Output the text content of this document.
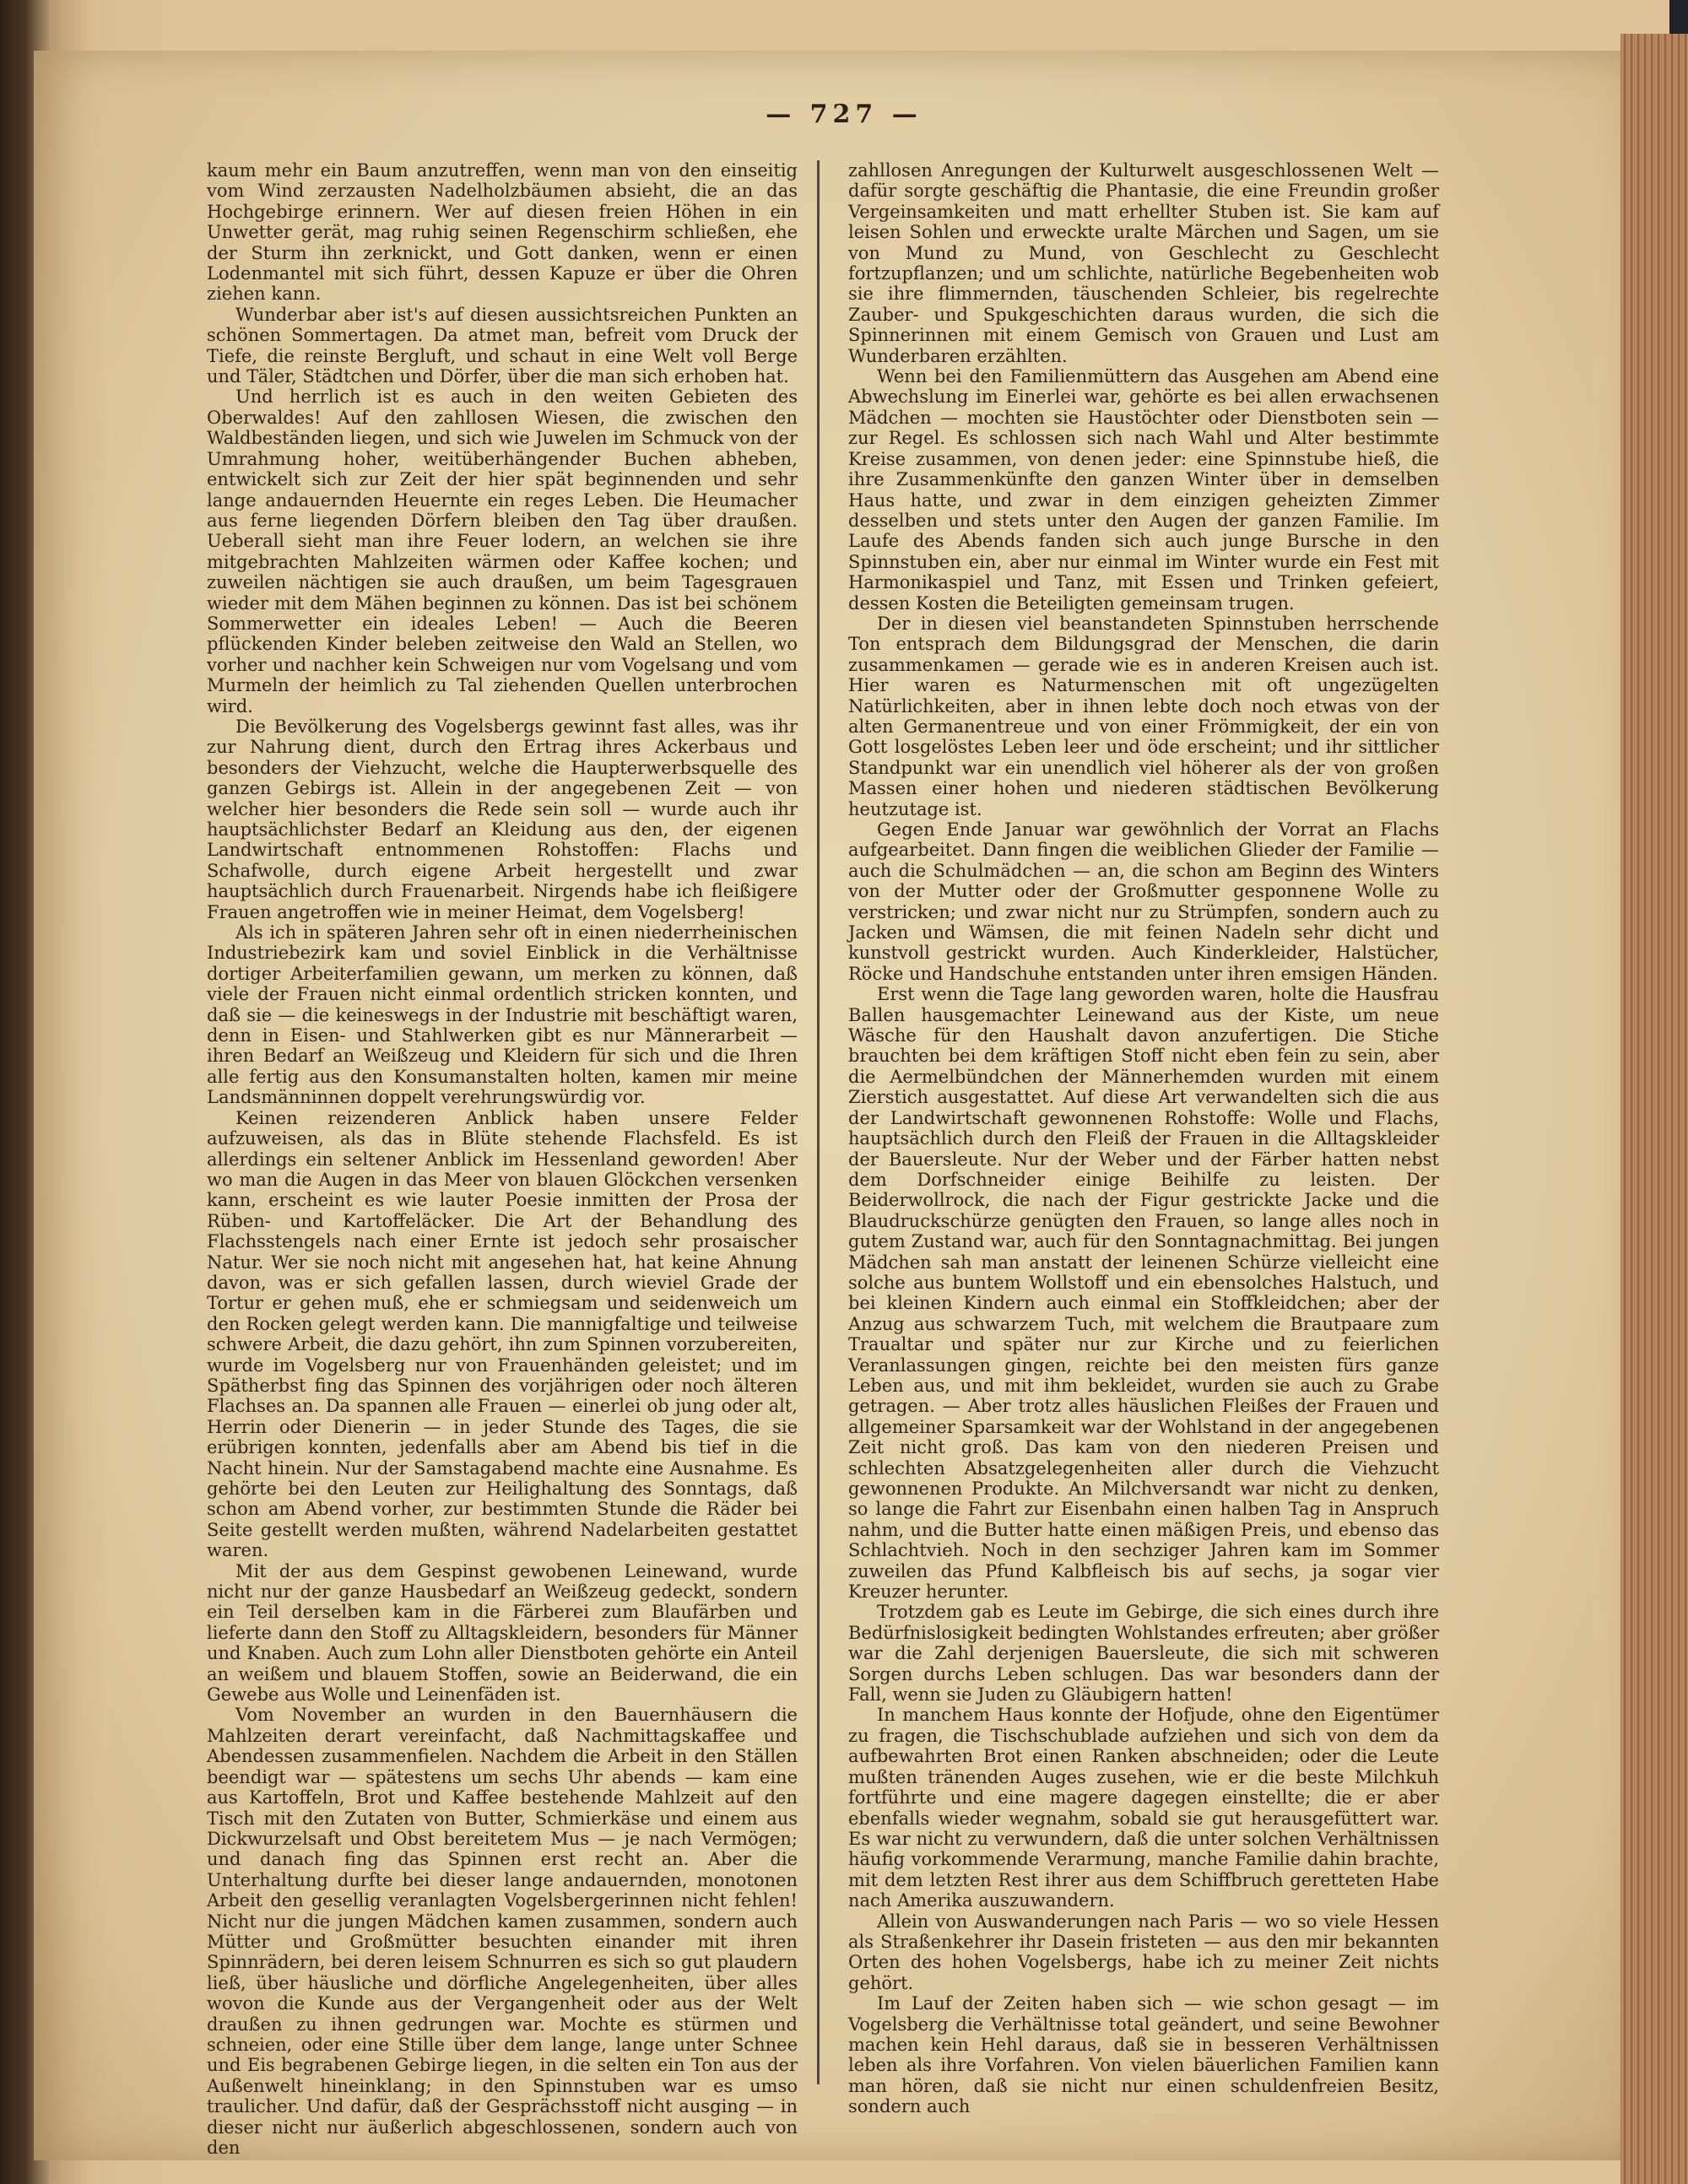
— 727 —

kaum mehr ein Baum anzutreffen, wenn man von den einseitig vom Wind zerzausten Nadelholzbäumen absieht, die an das Hochgebirge erinnern. Wer auf diesen freien Höhen in ein Unwetter gerät, mag ruhig seinen Regenschirm schließen, ehe der Sturm ihn zerknickt, und Gott danken, wenn er einen Lodenmantel mit sich führt, dessen Kapuze er über die Ohren ziehen kann.

Wunderbar aber ist's auf diesen aussichtsreichen Punkten an schönen Sommertagen. Da atmet man, befreit vom Druck der Tiefe, die reinste Bergluft, und schaut in eine Welt voll Berge und Täler, Städtchen und Dörfer, über die man sich erhoben hat.

Und herrlich ist es auch in den weiten Gebieten des Oberwaldes! Auf den zahllosen Wiesen, die zwischen den Waldbeständen liegen, und sich wie Juwelen im Schmuck von der Umrahmung hoher, weitüberhängender Buchen abheben, entwickelt sich zur Zeit der hier spät beginnenden und sehr lange andauernden Heuernte ein reges Leben. Die Heumacher aus ferne liegenden Dörfern bleiben den Tag über draußen. Ueberall sieht man ihre Feuer lodern, an welchen sie ihre mitgebrachten Mahlzeiten wärmen oder Kaffee kochen; und zuweilen nächtigen sie auch draußen, um beim Tagesgrauen wieder mit dem Mähen beginnen zu können. Das ist bei schönem Sommerwetter ein ideales Leben! — Auch die Beeren pflückenden Kinder beleben zeitweise den Wald an Stellen, wo vorher und nachher kein Schweigen nur vom Vogelsang und vom Murmeln der heimlich zu Tal ziehenden Quellen unterbrochen wird.

Die Bevölkerung des Vogelsbergs gewinnt fast alles, was ihr zur Nahrung dient, durch den Ertrag ihres Ackerbaus und besonders der Viehzucht, welche die Haupterwerbsquelle des ganzen Gebirgs ist. Allein in der angegebenen Zeit — von welcher hier besonders die Rede sein soll — wurde auch ihr hauptsächlichster Bedarf an Kleidung aus den, der eigenen Landwirtschaft entnommenen Rohstoffen: Flachs und Schafwolle, durch eigene Arbeit hergestellt und zwar hauptsächlich durch Frauenarbeit. Nirgends habe ich fleißigere Frauen angetroffen wie in meiner Heimat, dem Vogelsberg!

Als ich in späteren Jahren sehr oft in einen niederrheinischen Industriebezirk kam und soviel Einblick in die Verhältnisse dortiger Arbeiterfamilien gewann, um merken zu können, daß viele der Frauen nicht einmal ordentlich stricken konnten, und daß sie — die keineswegs in der Industrie mit beschäftigt waren, denn in Eisen- und Stahlwerken gibt es nur Männerarbeit — ihren Bedarf an Weißzeug und Kleidern für sich und die Ihren alle fertig aus den Konsumanstalten holten, kamen mir meine Landsmänninnen doppelt verehrungswürdig vor.

Keinen reizenderen Anblick haben unsere Felder aufzuweisen, als das in Blüte stehende Flachsfeld. Es ist allerdings ein seltener Anblick im Hessenland geworden! Aber wo man die Augen in das Meer von blauen Glöckchen versenken kann, erscheint es wie lauter Poesie inmitten der Prosa der Rüben- und Kartoffeläcker. Die Art der Behandlung des Flachsstengels nach einer Ernte ist jedoch sehr prosaischer Natur. Wer sie noch nicht mit angesehen hat, hat keine Ahnung davon, was er sich gefallen lassen, durch wieviel Grade der Tortur er gehen muß, ehe er schmiegsam und seidenweich um den Rocken gelegt werden kann. Die mannigfaltige und teilweise schwere Arbeit, die dazu gehört, ihn zum Spinnen vorzubereiten, wurde im Vogelsberg nur von Frauenhänden geleistet; und im Spätherbst fing das Spinnen des vorjährigen oder noch älteren Flachses an. Da spannen alle Frauen — einerlei ob jung oder alt, Herrin oder Dienerin — in jeder Stunde des Tages, die sie erübrigen konnten, jedenfalls aber am Abend bis tief in die Nacht hinein. Nur der Samstagabend machte eine Ausnahme. Es gehörte bei den Leuten zur Heilighaltung des Sonntags, daß schon am Abend vorher, zur bestimmten Stunde die Räder bei Seite gestellt werden mußten, während Nadelarbeiten gestattet waren.

Mit der aus dem Gespinst gewobenen Leinewand, wurde nicht nur der ganze Hausbedarf an Weißzeug gedeckt, sondern ein Teil derselben kam in die Färberei zum Blaufärben und lieferte dann den Stoff zu Alltagskleidern, besonders für Männer und Knaben. Auch zum Lohn aller Dienstboten gehörte ein Anteil an weißem und blauem Stoffen, sowie an Beiderwand, die ein Gewebe aus Wolle und Leinenfäden ist.

Vom November an wurden in den Bauernhäusern die Mahlzeiten derart vereinfacht, daß Nachmittagskaffee und Abendessen zusammenfielen. Nachdem die Arbeit in den Ställen beendigt war — spätestens um sechs Uhr abends — kam eine aus Kartoffeln, Brot und Kaffee bestehende Mahlzeit auf den Tisch mit den Zutaten von Butter, Schmierkäse und einem aus Dickwurzelsaft und Obst bereitetem Mus — je nach Vermögen; und danach fing das Spinnen erst recht an. Aber die Unterhaltung durfte bei dieser lange andauernden, monotonen Arbeit den gesellig veranlagten Vogelsbergerinnen nicht fehlen! Nicht nur die jungen Mädchen kamen zusammen, sondern auch Mütter und Großmütter besuchten einander mit ihren Spinnrädern, bei deren leisem Schnurren es sich so gut plaudern ließ, über häusliche und dörfliche Angelegenheiten, über alles wovon die Kunde aus der Vergangenheit oder aus der Welt draußen zu ihnen gedrungen war. Mochte es stürmen und schneien, oder eine Stille über dem lange, lange unter Schnee und Eis begrabenen Gebirge liegen, in die selten ein Ton aus der Außenwelt hineinklang; in den Spinnstuben war es umso traulicher. Und dafür, daß der Gesprächsstoff nicht ausging — in dieser nicht nur äußerlich abgeschlossenen, sondern auch von den

zahllosen Anregungen der Kulturwelt ausgeschlossenen Welt — dafür sorgte geschäftig die Phantasie, die eine Freundin großer Vergeinsamkeiten und matt erhellter Stuben ist. Sie kam auf leisen Sohlen und erweckte uralte Märchen und Sagen, um sie von Mund zu Mund, von Geschlecht zu Geschlecht fortzupflanzen; und um schlichte, natürliche Begebenheiten wob sie ihre flimmernden, täuschenden Schleier, bis regelrechte Zauber- und Spukgeschichten daraus wurden, die sich die Spinnerinnen mit einem Gemisch von Grauen und Lust am Wunderbaren erzählten.

Wenn bei den Familienmüttern das Ausgehen am Abend eine Abwechslung im Einerlei war, gehörte es bei allen erwachsenen Mädchen — mochten sie Haustöchter oder Dienstboten sein — zur Regel. Es schlossen sich nach Wahl und Alter bestimmte Kreise zusammen, von denen jeder: eine Spinnstube hieß, die ihre Zusammenkünfte den ganzen Winter über in demselben Haus hatte, und zwar in dem einzigen geheizten Zimmer desselben und stets unter den Augen der ganzen Familie. Im Laufe des Abends fanden sich auch junge Bursche in den Spinnstuben ein, aber nur einmal im Winter wurde ein Fest mit Harmonikaspiel und Tanz, mit Essen und Trinken gefeiert, dessen Kosten die Beteiligten gemeinsam trugen.

Der in diesen viel beanstandeten Spinnstuben herrschende Ton entsprach dem Bildungsgrad der Menschen, die darin zusammenkamen — gerade wie es in anderen Kreisen auch ist. Hier waren es Naturmenschen mit oft ungezügelten Natürlichkeiten, aber in ihnen lebte doch noch etwas von der alten Germanentreue und von einer Frömmigkeit, der ein von Gott losgelöstes Leben leer und öde erscheint; und ihr sittlicher Standpunkt war ein unendlich viel höherer als der von großen Massen einer hohen und niederen städtischen Bevölkerung heutzutage ist.

Gegen Ende Januar war gewöhnlich der Vorrat an Flachs aufgearbeitet. Dann fingen die weiblichen Glieder der Familie — auch die Schulmädchen — an, die schon am Beginn des Winters von der Mutter oder der Großmutter gesponnene Wolle zu verstricken; und zwar nicht nur zu Strümpfen, sondern auch zu Jacken und Wämsen, die mit feinen Nadeln sehr dicht und kunstvoll gestrickt wurden. Auch Kinderkleider, Halstücher, Röcke und Handschuhe entstanden unter ihren emsigen Händen.

Erst wenn die Tage lang geworden waren, holte die Hausfrau Ballen hausgemachter Leinewand aus der Kiste, um neue Wäsche für den Haushalt davon anzufertigen. Die Stiche brauchten bei dem kräftigen Stoff nicht eben fein zu sein, aber die Aermelbündchen der Männerhemden wurden mit einem Zierstich ausgestattet. Auf diese Art verwandelten sich die aus der Landwirtschaft gewonnenen Rohstoffe: Wolle und Flachs, hauptsächlich durch den Fleiß der Frauen in die Alltagskleider der Bauersleute. Nur der Weber und der Färber hatten nebst dem Dorfschneider einige Beihilfe zu leisten. Der Beiderwollrock, die nach der Figur gestrickte Jacke und die Blaudruckschürze genügten den Frauen, so lange alles noch in gutem Zustand war, auch für den Sonntagnachmittag. Bei jungen Mädchen sah man anstatt der leinenen Schürze vielleicht eine solche aus buntem Wollstoff und ein ebensolches Halstuch, und bei kleinen Kindern auch einmal ein Stoffkleidchen; aber der Anzug aus schwarzem Tuch, mit welchem die Brautpaare zum Traualtar und später nur zur Kirche und zu feierlichen Veranlassungen gingen, reichte bei den meisten fürs ganze Leben aus, und mit ihm bekleidet, wurden sie auch zu Grabe getragen. — Aber trotz alles häuslichen Fleißes der Frauen und allgemeiner Sparsamkeit war der Wohlstand in der angegebenen Zeit nicht groß. Das kam von den niederen Preisen und schlechten Absatzgelegenheiten aller durch die Viehzucht gewonnenen Produkte. An Milchversandt war nicht zu denken, so lange die Fahrt zur Eisenbahn einen halben Tag in Anspruch nahm, und die Butter hatte einen mäßigen Preis, und ebenso das Schlachtvieh. Noch in den sechziger Jahren kam im Sommer zuweilen das Pfund Kalbfleisch bis auf sechs, ja sogar vier Kreuzer herunter.

Trotzdem gab es Leute im Gebirge, die sich eines durch ihre Bedürfnislosigkeit bedingten Wohlstandes erfreuten; aber größer war die Zahl derjenigen Bauersleute, die sich mit schweren Sorgen durchs Leben schlugen. Das war besonders dann der Fall, wenn sie Juden zu Gläubigern hatten!

In manchem Haus konnte der Hofjude, ohne den Eigentümer zu fragen, die Tischschublade aufziehen und sich von dem da aufbewahrten Brot einen Ranken abschneiden; oder die Leute mußten tränenden Auges zusehen, wie er die beste Milchkuh fortführte und eine magere dagegen einstellte; die er aber ebenfalls wieder wegnahm, sobald sie gut herausgefüttert war. Es war nicht zu verwundern, daß die unter solchen Verhältnissen häufig vorkommende Verarmung, manche Familie dahin brachte, mit dem letzten Rest ihrer aus dem Schiffbruch geretteten Habe nach Amerika auszuwandern.

Allein von Auswanderungen nach Paris — wo so viele Hessen als Straßenkehrer ihr Dasein fristeten — aus den mir bekannten Orten des hohen Vogelsbergs, habe ich zu meiner Zeit nichts gehört.

Im Lauf der Zeiten haben sich — wie schon gesagt — im Vogelsberg die Verhältnisse total geändert, und seine Bewohner machen kein Hehl daraus, daß sie in besseren Verhältnissen leben als ihre Vorfahren. Von vielen bäuerlichen Familien kann man hören, daß sie nicht nur einen schuldenfreien Besitz, sondern auch
